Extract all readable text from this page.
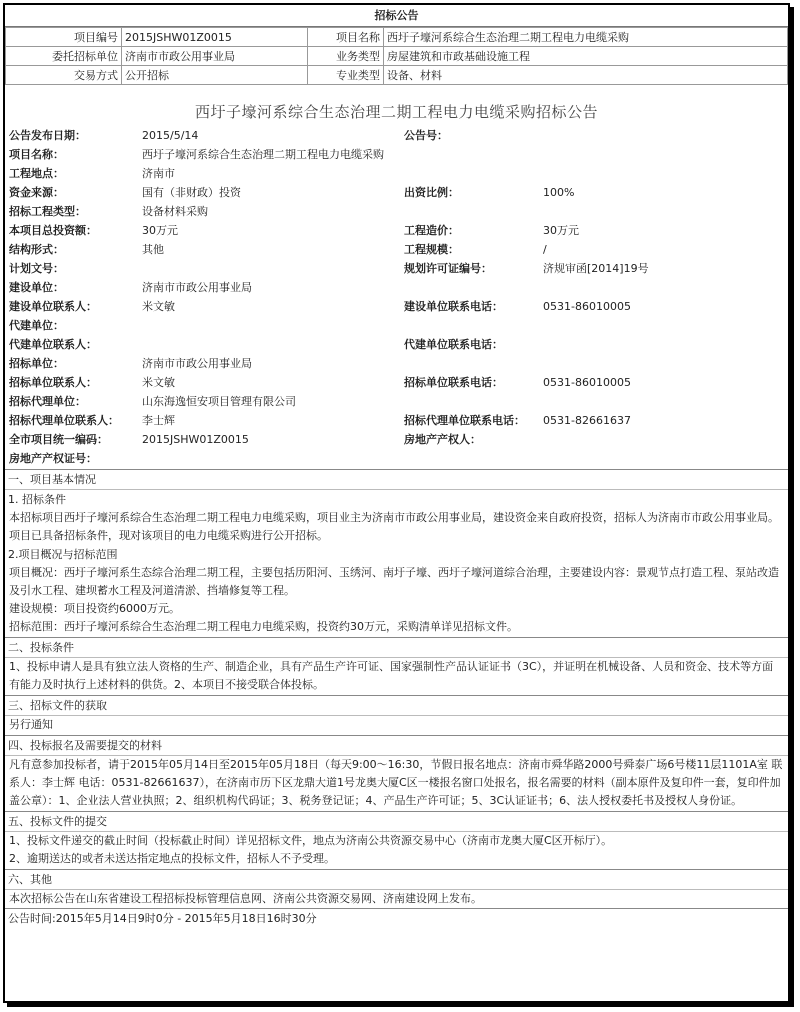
招标公告
项目编号	2015JSHW01Z0015	项目名称	西圩子壕河系综合生态治理二期工程电力电缆采购
委托招标单位	济南市市政公用事业局	业务类型	房屋建筑和市政基础设施工程
交易方式	公开招标	专业类型	设备、材料
西圩子壕河系综合生态治理二期工程电力电缆采购招标公告
公告发布日期：	2015/5/14	公告号：
项目名称：	西圩子壕河系综合生态治理二期工程电力电缆采购
工程地点：	济南市
资金来源：	国有（非财政）投资	出资比例：	100%
招标工程类型：	设备材料采购
本项目总投资额：	30万元	工程造价：	30万元
结构形式：	其他	工程规模：	/
计划文号：	规划许可证编号：	济规审函[2014]19号
建设单位：	济南市市政公用事业局
建设单位联系人：	米文敏	建设单位联系电话：	0531-86010005
代建单位：
代建单位联系人：	代建单位联系电话：
招标单位：	济南市市政公用事业局
招标单位联系人：	米文敏	招标单位联系电话：	0531-86010005
招标代理单位：	山东海逸恒安项目管理有限公司
招标代理单位联系人：	李士辉	招标代理单位联系电话：	0531-82661637
全市项目统一编码：	2015JSHW01Z0015	房地产产权人：
房地产产权证号：
一、项目基本情况
1. 招标条件
本招标项目西圩子壕河系综合生态治理二期工程电力电缆采购，项目业主为济南市市政公用事业局，建设资金来自政府投资，招标人为济南市市政公用事业局。项目已具备招标条件，现对该项目的电力电缆采购进行公开招标。
2.项目概况与招标范围
项目概况：西圩子壕河系生态综合治理二期工程，主要包括历阳河、玉绣河、南圩子壕、西圩子壕河道综合治理，主要建设内容：景观节点打造工程、泵站改造及引水工程、建坝蓄水工程及河道清淤、挡墙修复等工程。
建设规模：项目投资约6000万元。
招标范围：西圩子壕河系综合生态治理二期工程电力电缆采购，投资约30万元，采购清单详见招标文件。
二、投标条件
1、投标申请人是具有独立法人资格的生产、制造企业，具有产品生产许可证、国家强制性产品认证证书（3C），并证明在机械设备、人员和资金、技术等方面有能力及时执行上述材料的供货。2、本项目不接受联合体投标。
三、招标文件的获取
另行通知
四、投标报名及需要提交的材料
凡有意参加投标者，请于2015年05月14日至2015年05月18日（每天9:00～16:30，节假日报名地点：济南市舜华路2000号舜泰广场6号楼11层1101A室 联系人：李士辉 电话：0531-82661637），在济南市历下区龙鼎大道1号龙奥大厦C区一楼报名窗口处报名，报名需要的材料（副本原件及复印件一套，复印件加盖公章）：1、企业法人营业执照；2、组织机构代码证；3、税务登记证；4、产品生产许可证；5、3C认证证书；6、法人授权委托书及授权人身份证。
五、投标文件的提交
1、投标文件递交的截止时间（投标截止时间）详见招标文件，地点为济南公共资源交易中心（济南市龙奥大厦C区开标厅）。
2、逾期送达的或者未送达指定地点的投标文件，招标人不予受理。
六、其他
本次招标公告在山东省建设工程招标投标管理信息网、济南公共资源交易网、济南建设网上发布。
公告时间:2015年5月14日9时0分 - 2015年5月18日16时30分
